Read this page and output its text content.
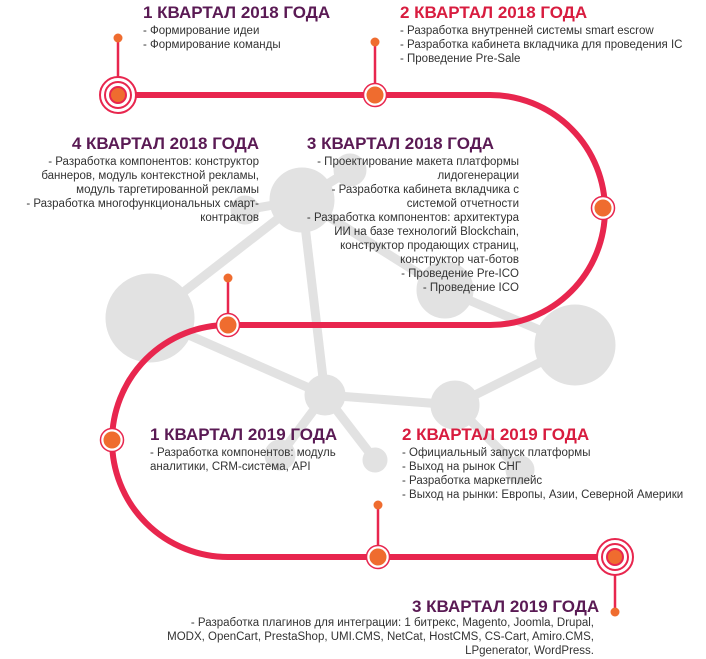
1 КВАРТАЛ 2018 ГОДА
- Формирование идеи
- Формирование команды
2 КВАРТАЛ 2018 ГОДА
- Разработка внутренней системы smart escrow
- Разработка кабинета вкладчика для проведения IC
- Проведение Pre-Sale
3 КВАРТАЛ 2018 ГОДА
- Проектирование макета платформы
лидогенерации
- Разработка кабинета вкладчика с
системой отчетности
- Разработка компонентов: архитектура
ИИ на базе технологий Blockchain,
конструктор продающих страниц,
конструктор чат-ботов
- Проведение Pre-ICO
- Проведение ICO
4 КВАРТАЛ 2018 ГОДА
- Разработка компонентов: конструктор
баннеров, модуль контекстной рекламы,
модуль таргетированной рекламы
- Разработка многофункциональных смарт-
контрактов
1 КВАРТАЛ 2019 ГОДА
- Разработка компонентов: модуль
аналитики, CRM-система, API
2 КВАРТАЛ 2019 ГОДА
- Официальный запуск платформы
- Выход на рынок СНГ
- Разработка маркетплейс
- Выход на рынки: Европы, Азии, Северной Америки
- Разработка плагинов для интеграции: 1 битрекс, Magento, Joomla, Drupal,
MODX, OpenCart, PrestaShop, UMI.CMS, NetCat, HostCMS, CS-Cart, Amiro.CMS,
LPgenerator, WordPress.
3 КВАРТАЛ 2019 ГОДА
